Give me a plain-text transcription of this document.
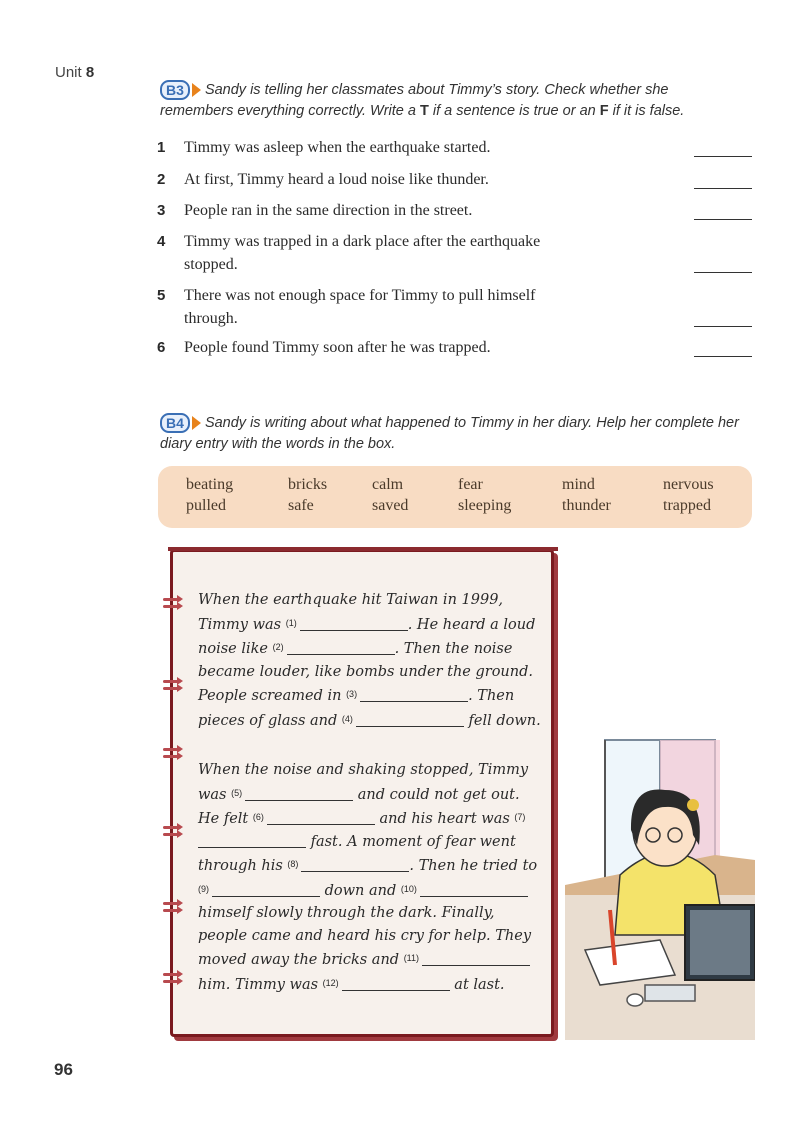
Unit 8
B3	Sandy is telling her classmates about Timmy’s story. Check whether she remembers everything correctly. Write a T if a sentence is true or an F if it is false.
1 Timmy was asleep when the earthquake started.
2 At first, Timmy heard a loud noise like thunder.
3 People ran in the same direction in the street.
4 Timmy was trapped in a dark place after the earthquake stopped.
5 There was not enough space for Timmy to pull himself through.
6 People found Timmy soon after he was trapped.
B4	Sandy is writing about what happened to Timmy in her diary. Help her complete her diary entry with the words in the box.
beating	bricks	calm	fear	mind	nervous
pulled	safe	saved	sleeping	thunder	trapped
When the earthquake hit Taiwan in 1999, Timmy was $^{(1)}$	. He heard a loud noise like $^{(2)}$	. Then the noise became louder, like bombs under the ground. People screamed in $^{(3)}$	. Then pieces of glass and $^{(4)}$	fell down.
When the noise and shaking stopped, Timmy was $^{(5)}$	and could not get out. He felt $^{(6)}$	and his heart was $^{(7)}$ fast. A moment of fear went through his $^{(8)}$	. Then he tried to $^{(9)}$	down and $^{(10)}$ himself slowly through the dark. Finally, people came and heard his cry for help. They moved away the bricks and $^{(11)}$ him. Timmy was $^{(12)}$	at last.
96
